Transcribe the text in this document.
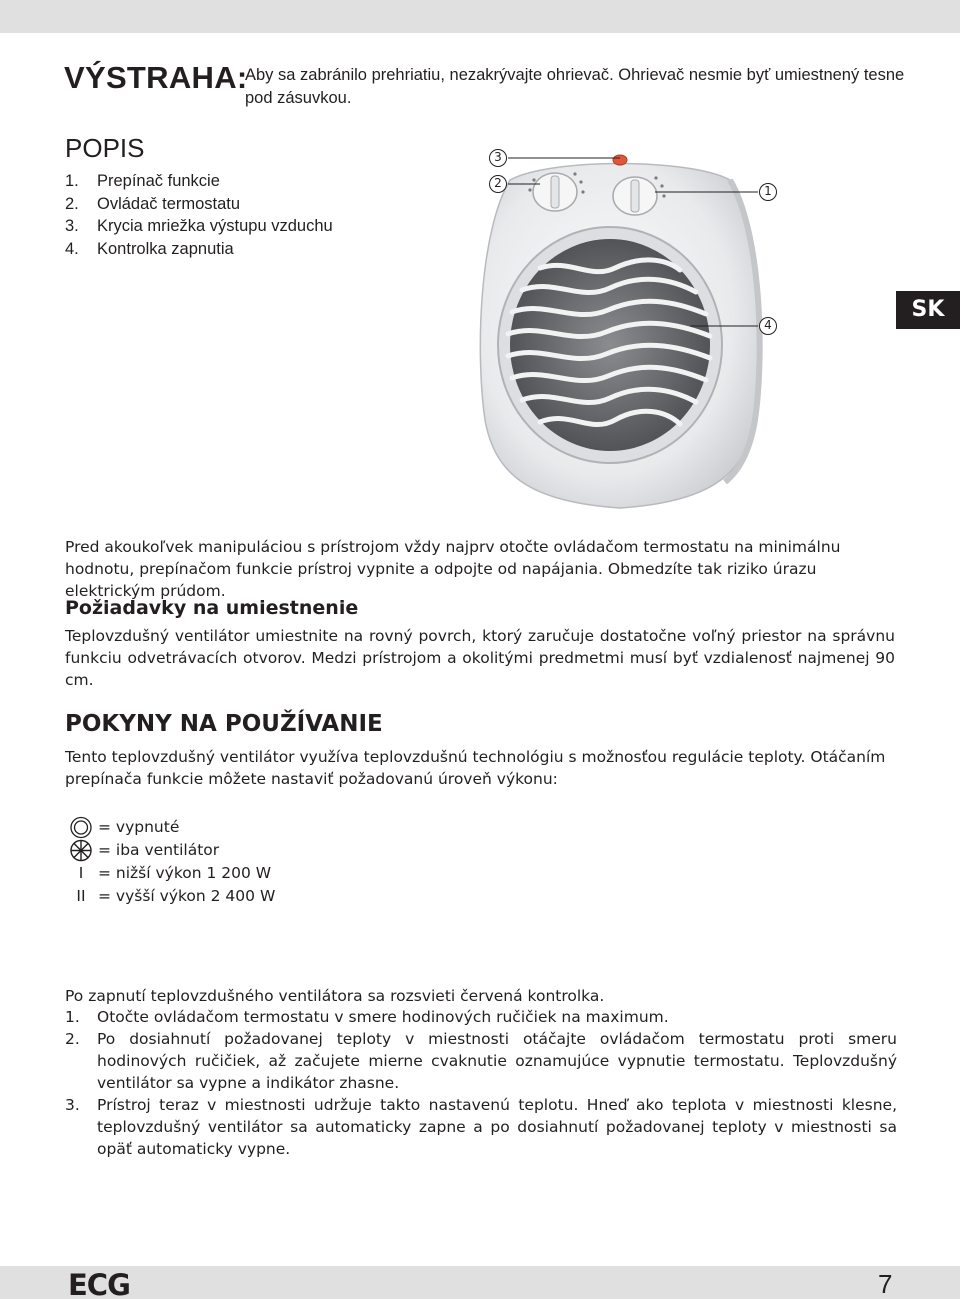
VÝSTRAHA:
Aby sa zabránilo prehriatiu, nezakrývajte ohrievač. Ohrievač nesmie byť umiestnený tesne pod zásuvkou.
POPIS
1. Prepínač funkcie
2. Ovládač termostatu
3. Krycia mriežka výstupu vzduchu
4. Kontrolka zapnutia
3
2
1
4
SK
Pred akoukoľvek manipuláciou s prístrojom vždy najprv otočte ovládačom termostatu na minimálnu hodnotu, prepínačom funkcie prístroj vypnite a odpojte od napájania. Obmedzíte tak riziko úrazu elektrickým prúdom.
Požiadavky na umiestnenie
Teplovzdušný ventilátor umiestnite na rovný povrch, ktorý zaručuje dostatočne voľný priestor na správnu funkciu odvetrávacích otvorov. Medzi prístrojom a okolitými predmetmi musí byť vzdialenosť najmenej 90 cm.
POKYNY NA POUŽÍVANIE
Tento teplovzdušný ventilátor využíva teplovzdušnú technológiu s možnosťou regulácie teploty. Otáčaním prepínača funkcie môžete nastaviť požadovanú úroveň výkonu:
= vypnuté
= iba ventilátor
I = nižší výkon 1 200 W
II = vyšší výkon 2 400 W
Po zapnutí teplovzdušného ventilátora sa rozsvieti červená kontrolka.
1. Otočte ovládačom termostatu v smere hodinových ručičiek na maximum.
2. Po dosiahnutí požadovanej teploty v miestnosti otáčajte ovládačom termostatu proti smeru hodinových ručičiek, až začujete mierne cvaknutie oznamujúce vypnutie termostatu. Teplovzdušný ventilátor sa vypne a indikátor zhasne.
3. Prístroj teraz v miestnosti udržuje takto nastavenú teplotu. Hneď ako teplota v miestnosti klesne, teplovzdušný ventilátor sa automaticky zapne a po dosiahnutí požadovanej teploty v miestnosti sa opäť automaticky vypne.
ECG	7
